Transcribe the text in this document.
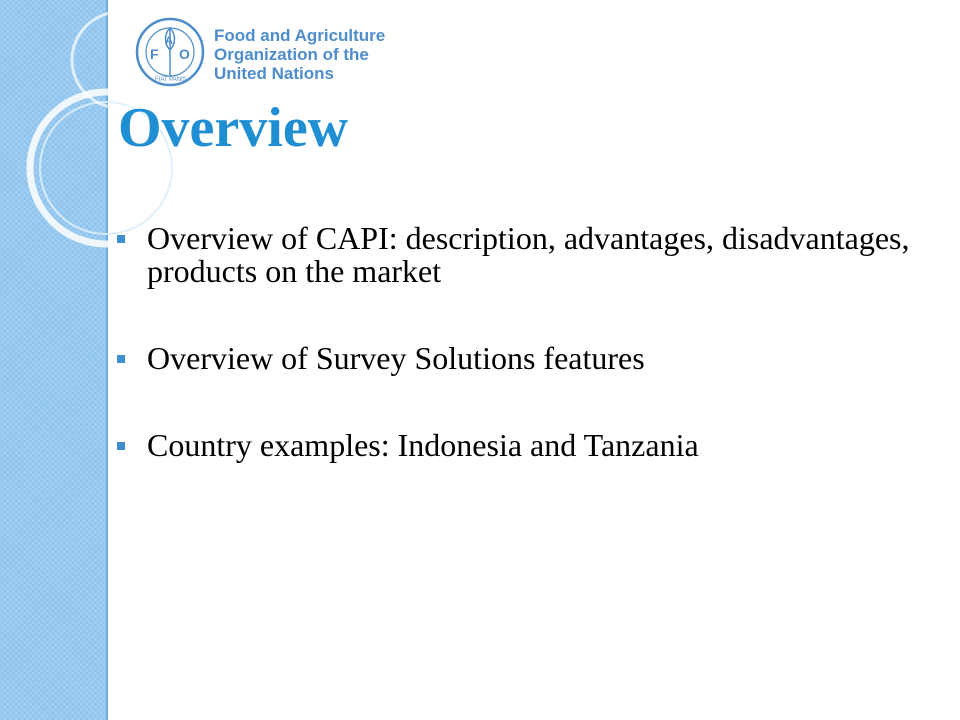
F
A
O
FIAT PANIS
Food and Agriculture
Organization of the
United Nations
Overview
Overview of CAPI: description, advantages, disadvantages, products on the market
Overview of Survey Solutions features
Country examples: Indonesia and Tanzania
